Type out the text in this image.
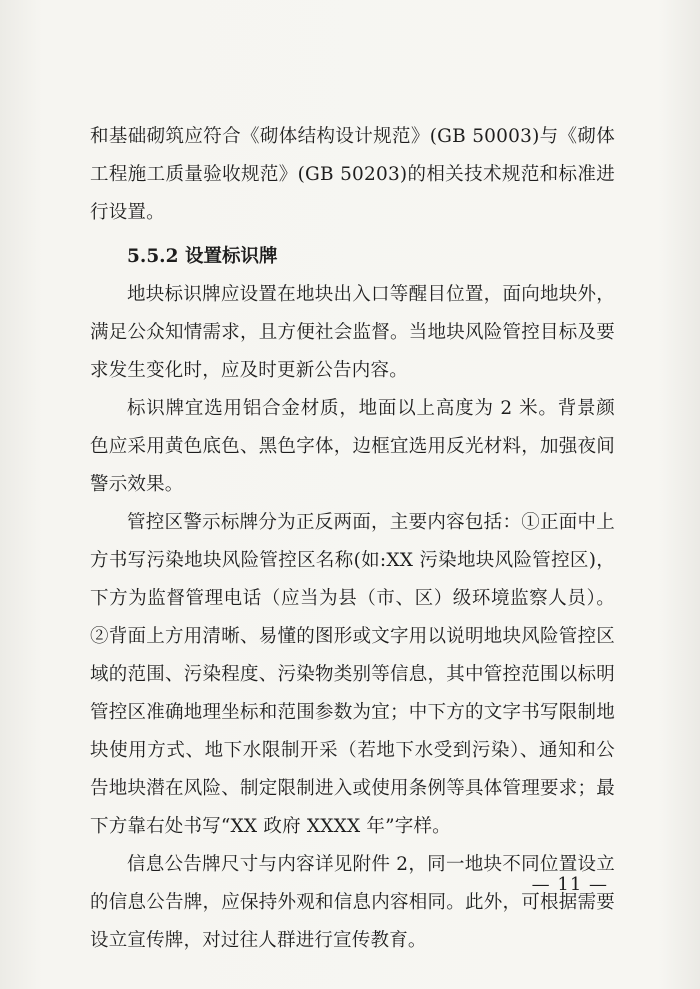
和基础砌筑应符合《砌体结构设计规范》(GB 50003)与《砌体工程施工质量验收规范》(GB 50203)的相关技术规范和标准进行设置。

5.5.2 设置标识牌

地块标识牌应设置在地块出入口等醒目位置，面向地块外，满足公众知情需求，且方便社会监督。当地块风险管控目标及要求发生变化时，应及时更新公告内容。

标识牌宜选用铝合金材质，地面以上高度为 2 米。背景颜色应采用黄色底色、黑色字体，边框宜选用反光材料，加强夜间警示效果。

管控区警示标牌分为正反两面，主要内容包括：①正面中上方书写污染地块风险管控区名称(如:XX 污染地块风险管控区)，下方为监督管理电话（应当为县（市、区）级环境监察人员）。②背面上方用清晰、易懂的图形或文字用以说明地块风险管控区域的范围、污染程度、污染物类别等信息，其中管控范围以标明管控区准确地理坐标和范围参数为宜；中下方的文字书写限制地块使用方式、地下水限制开采（若地下水受到污染）、通知和公告地块潜在风险、制定限制进入或使用条例等具体管理要求；最下方靠右处书写“XX 政府 XXXX 年”字样。

信息公告牌尺寸与内容详见附件 2，同一地块不同位置设立的信息公告牌，应保持外观和信息内容相同。此外，可根据需要设立宣传牌，对过往人群进行宣传教育。

— 11 —
